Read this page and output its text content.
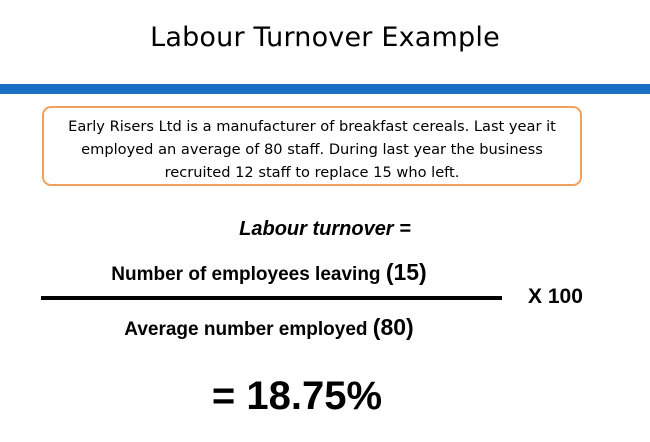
Labour Turnover Example
Early Risers Ltd is a manufacturer of breakfast cereals. Last year it
employed an average of 80 staff. During last year the business
recruited 12 staff to replace 15 who left.
Labour turnover =
Number of employees leaving (15)
Average number employed (80)
X 100
= 18.75%
